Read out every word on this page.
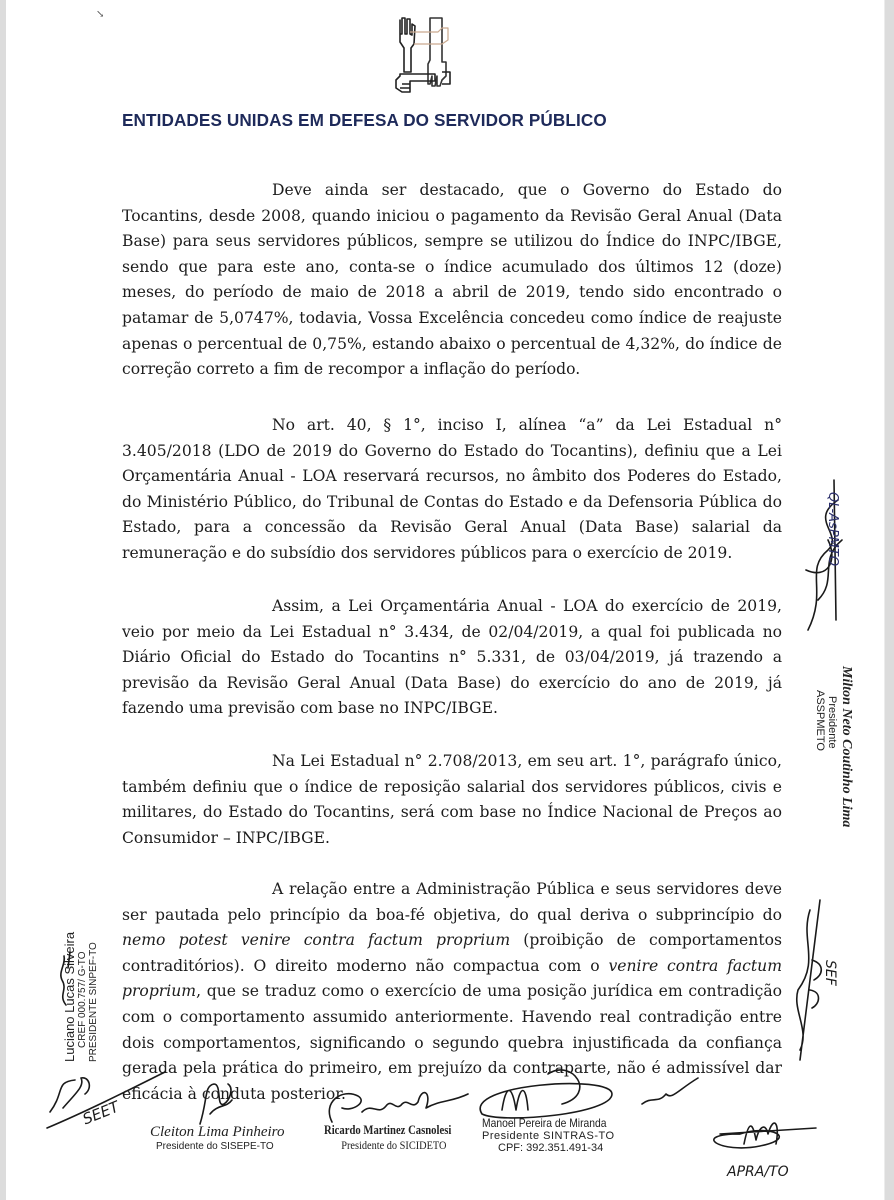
↘
ENTIDADES UNIDAS EM DEFESA DO SERVIDOR PÚBLICO

Deve ainda ser destacado, que o Governo do Estado do Tocantins, desde 2008, quando iniciou o pagamento da Revisão Geral Anual (Data Base) para seus servidores públicos, sempre se utilizou do Índice do INPC/IBGE, sendo que para este ano, conta-se o índice acumulado dos últimos 12 (doze) meses, do período de maio de 2018 a abril de 2019, tendo sido encontrado o patamar de 5,0747%, todavia, Vossa Excelência concedeu como índice de reajuste apenas o percentual de 0,75%, estando abaixo o percentual de 4,32%, do índice de correção correto a fim de recompor a inflação do período.

No art. 40, § 1°, inciso I, alínea “a” da Lei Estadual n° 3.405/2018 (LDO de 2019 do Governo do Estado do Tocantins), definiu que a Lei Orçamentária Anual - LOA reservará recursos, no âmbito dos Poderes do Estado, do Ministério Público, do Tribunal de Contas do Estado e da Defensoria Pública do Estado, para a concessão da Revisão Geral Anual (Data Base) salarial da remuneração e do subsídio dos servidores públicos para o exercício de 2019.

Assim, a Lei Orçamentária Anual - LOA do exercício de 2019, veio por meio da Lei Estadual n° 3.434, de 02/04/2019, a qual foi publicada no Diário Oficial do Estado do Tocantins n° 5.331, de 03/04/2019, já trazendo a previsão da Revisão Geral Anual (Data Base) do exercício do ano de 2019, já fazendo uma previsão com base no INPC/IBGE.

Na Lei Estadual n° 2.708/2013, em seu art. 1°, parágrafo único, também definiu que o índice de reposição salarial dos servidores públicos, civis e militares, do Estado do Tocantins, será com base no Índice Nacional de Preços ao Consumidor – INPC/IBGE.

A relação entre a Administração Pública e seus servidores deve ser pautada pelo princípio da boa-fé objetiva, do qual deriva o subprincípio do nemo potest venire contra factum proprium (proibição de comportamentos contraditórios). O direito moderno não compactua com o venire contra factum proprium, que se traduz como o exercício de uma posição jurídica em contradição com o comportamento assumido anteriormente. Havendo real contradição entre dois comportamentos, significando o segundo quebra injustificada da confiança gerada pela prática do primeiro, em prejuízo da contraparte, não é admissível dar eficácia à conduta posterior.

Luciano Lucas Silveira CREF 000.757/ G-TO PRESIDENTE SINPEF-TO
Milton Neto Coutinho Lima
Presidente
ASSPMETO
QL-AsPMTO
SEF
SEET
Cleiton Lima Pinheiro
Presidente do SISEPE-TO
Ricardo Martinez Casnolesi
Presidente do SICIDETO
Manoel Pereira de Miranda
Presidente SINTRAS-TO
CPF: 392.351.491-34
APRA/TO
